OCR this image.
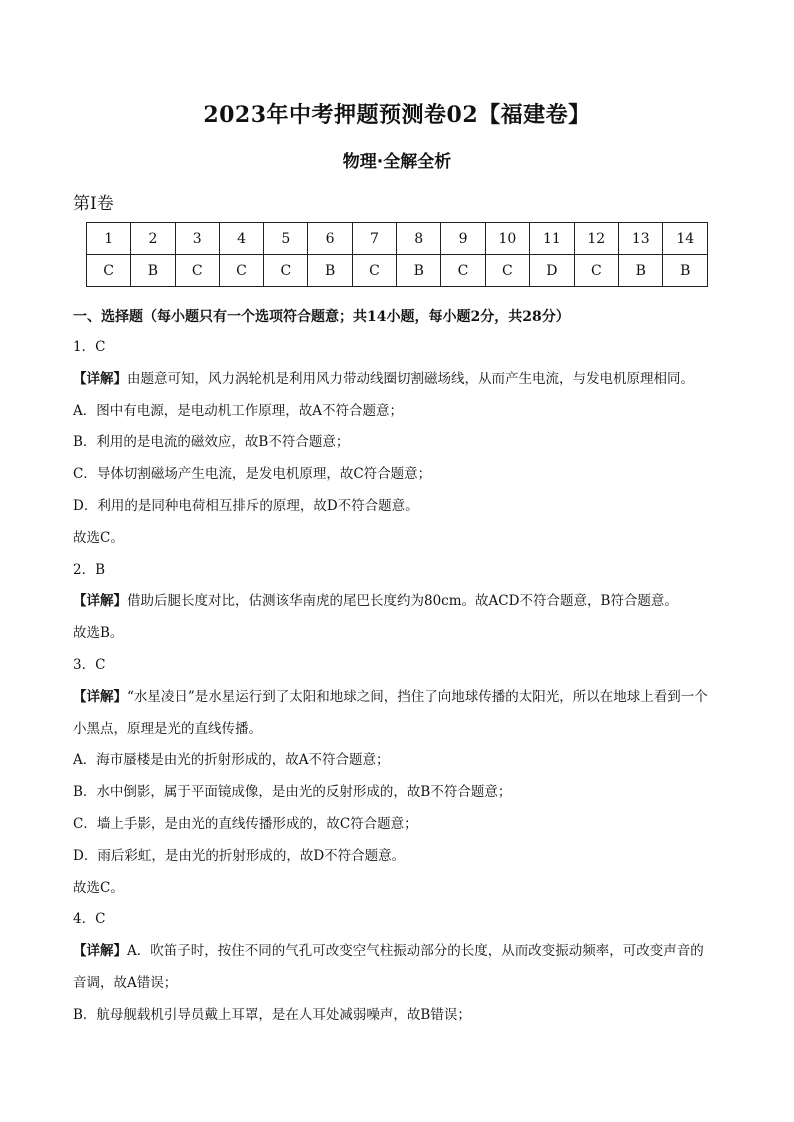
2023年中考押题预测卷02【福建卷】
物理·全解全析
第Ⅰ卷
1	2	3	4	5	6	7	8	9	10	11	12	13	14
C	B	C	C	C	B	C	B	C	C	D	C	B	B
一、选择题（每小题只有一个选项符合题意；共14小题，每小题2分，共28分）
1．C
【详解】由题意可知，风力涡轮机是利用风力带动线圈切割磁场线，从而产生电流，与发电机原理相同。
A．图中有电源，是电动机工作原理，故A不符合题意；
B．利用的是电流的磁效应，故B不符合题意；
C．导体切割磁场产生电流，是发电机原理，故C符合题意；
D．利用的是同种电荷相互排斥的原理，故D不符合题意。
故选C。
2．B
【详解】借助后腿长度对比，估测该华南虎的尾巴长度约为80cm。故ACD不符合题意，B符合题意。
故选B。
3．C
【详解】“水星凌日”是水星运行到了太阳和地球之间，挡住了向地球传播的太阳光，所以在地球上看到一个
小黑点，原理是光的直线传播。
A．海市蜃楼是由光的折射形成的，故A不符合题意；
B．水中倒影，属于平面镜成像，是由光的反射形成的，故B不符合题意；
C．墙上手影，是由光的直线传播形成的，故C符合题意；
D．雨后彩虹，是由光的折射形成的，故D不符合题意。
故选C。
4．C
【详解】A．吹笛子时，按住不同的气孔可改变空气柱振动部分的长度，从而改变振动频率，可改变声音的
音调，故A错误；
B．航母舰载机引导员戴上耳罩，是在人耳处减弱噪声，故B错误；
